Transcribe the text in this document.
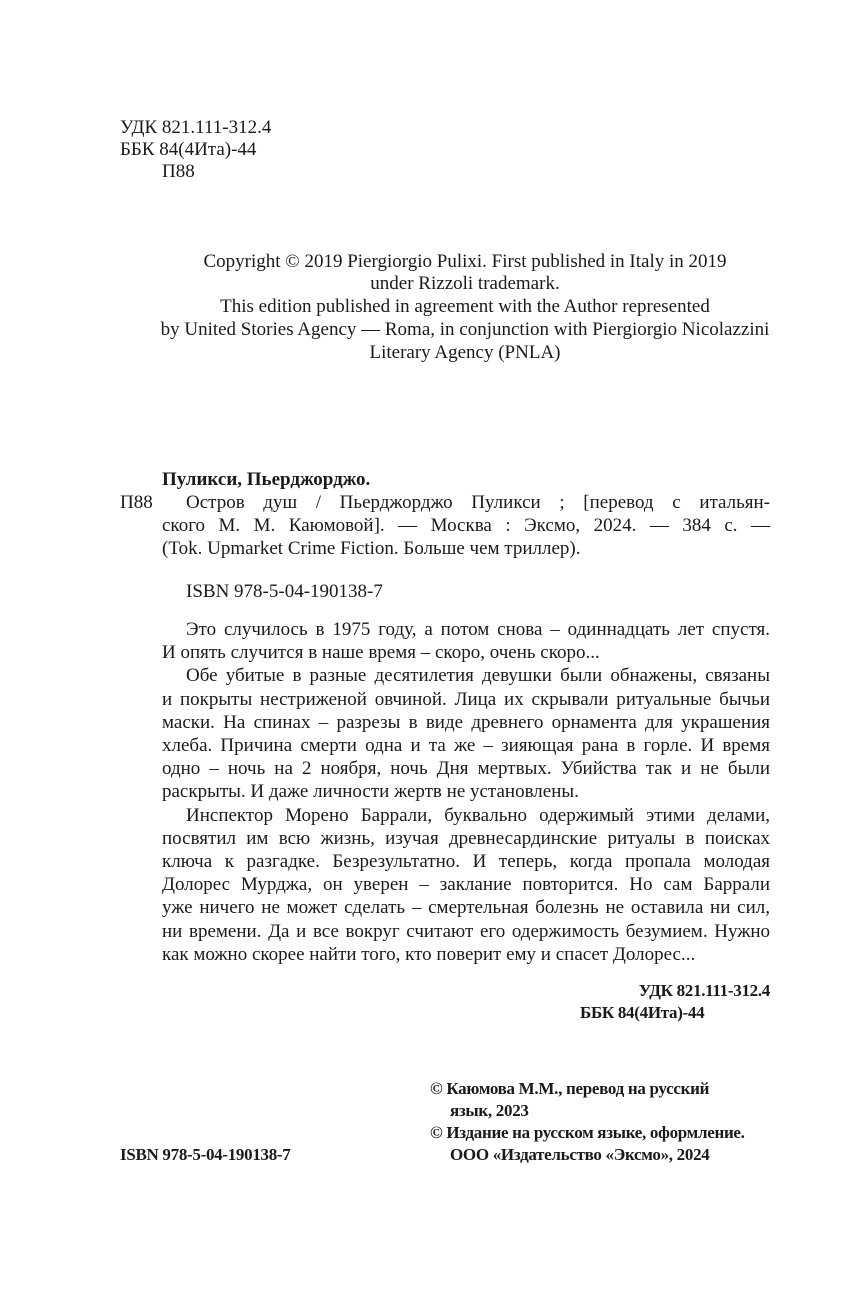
УДК 821.111-312.4
ББК 84(4Ита)-44
П88
Copyright © 2019 Piergiorgio Pulixi. First published in Italy in 2019
under Rizzoli trademark.
This edition published in agreement with the Author represented
by United Stories Agency — Roma, in conjunction with Piergiorgio Nicolazzini
Literary Agency (PNLA)
Пуликси, Пьерджорджо.
П88 Остров душ / Пьерджорджо Пуликси ; [перевод с итальян-
ского М. М. Каюмовой]. — Москва : Эксмо, 2024. — 384 с. —
(Tok. Upmarket Crime Fiction. Больше чем триллер).
ISBN 978-5-04-190138-7
Это случилось в 1975 году, а потом снова – одиннадцать лет спустя.
И опять случится в наше время – скоро, очень скоро...
Обе убитые в разные десятилетия девушки были обнажены, связаны
и покрыты нестриженой овчиной. Лица их скрывали ритуальные бычьи
маски. На спинах – разрезы в виде древнего орнамента для украшения
хлеба. Причина смерти одна и та же – зияющая рана в горле. И время
одно – ночь на 2 ноября, ночь Дня мертвых. Убийства так и не были
раскрыты. И даже личности жертв не установлены.
Инспектор Морено Баррали, буквально одержимый этими делами,
посвятил им всю жизнь, изучая древнесардинские ритуалы в поисках
ключа к разгадке. Безрезультатно. И теперь, когда пропала молодая
Долорес Мурджа, он уверен – заклание повторится. Но сам Баррали
уже ничего не может сделать – смертельная болезнь не оставила ни сил,
ни времени. Да и все вокруг считают его одержимость безумием. Нужно
как можно скорее найти того, кто поверит ему и спасет Долорес...
УДК 821.111-312.4
ББК 84(4Ита)-44
© Каюмова М.М., перевод на русский
язык, 2023
© Издание на русском языке, оформление.
ООО «Издательство «Эксмо», 2024
ISBN 978-5-04-190138-7
